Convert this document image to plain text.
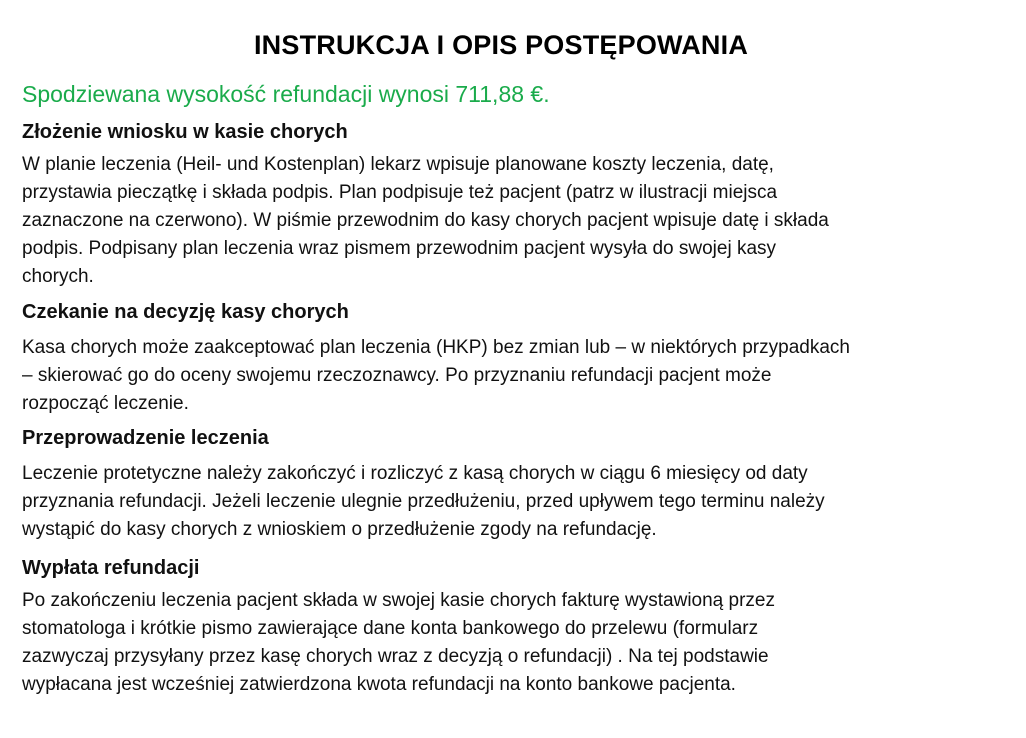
INSTRUKCJA I OPIS POSTĘPOWANIA
Spodziewana wysokość refundacji wynosi 711,88 €.
Złożenie wniosku w kasie chorych
W planie leczenia (Heil- und Kostenplan) lekarz wpisuje planowane koszty leczenia, datę,
przystawia pieczątkę i składa podpis. Plan podpisuje też pacjent (patrz w ilustracji miejsca
zaznaczone na czerwono). W piśmie przewodnim do kasy chorych pacjent wpisuje datę i składa
podpis. Podpisany plan leczenia wraz pismem przewodnim pacjent wysyła do swojej kasy
chorych.
Czekanie na decyzję kasy chorych
Kasa chorych może zaakceptować plan leczenia (HKP) bez zmian lub – w niektórych przypadkach
– skierować go do oceny swojemu rzeczoznawcy. Po przyznaniu refundacji pacjent może
rozpocząć leczenie.
Przeprowadzenie leczenia
Leczenie protetyczne należy zakończyć i rozliczyć z kasą chorych w ciągu 6 miesięcy od daty
przyznania refundacji. Jeżeli leczenie ulegnie przedłużeniu, przed upływem tego terminu należy
wystąpić do kasy chorych z wnioskiem o przedłużenie zgody na refundację.
Wypłata refundacji
Po zakończeniu leczenia pacjent składa w swojej kasie chorych fakturę wystawioną przez
stomatologa i krótkie pismo zawierające dane konta bankowego do przelewu (formularz
zazwyczaj przysyłany przez kasę chorych wraz z decyzją o refundacji) . Na tej podstawie
wypłacana jest wcześniej zatwierdzona kwota refundacji na konto bankowe pacjenta.
